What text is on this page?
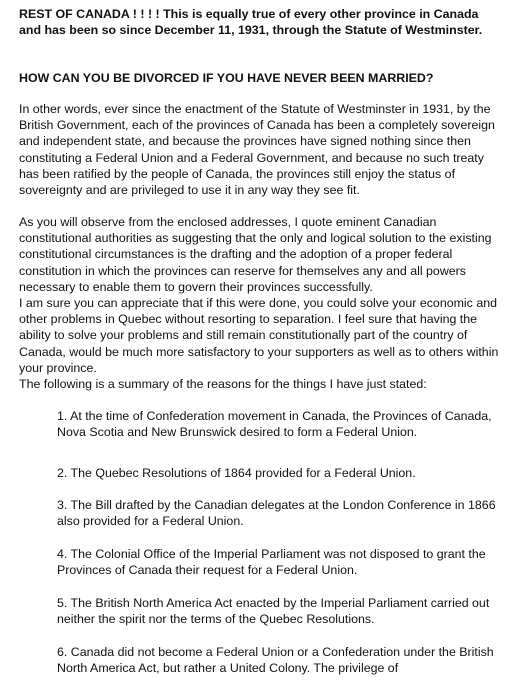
REST OF CANADA ! ! ! ! This is equally true of every other province in Canada and has been so since December 11, 1931, through the Statute of Westminster.

HOW CAN YOU BE DIVORCED IF YOU HAVE NEVER BEEN MARRIED?

In other words, ever since the enactment of the Statute of Westminster in 1931, by the British Government, each of the provinces of Canada has been a completely sovereign and independent state, and because the provinces have signed nothing since then constituting a Federal Union and a Federal Government, and because no such treaty has been ratified by the people of Canada, the provinces still enjoy the status of sovereignty and are privileged to use it in any way they see fit.

As you will observe from the enclosed addresses, I quote eminent Canadian constitutional authorities as suggesting that the only and logical solution to the existing constitutional circumstances is the drafting and the adoption of a proper federal constitution in which the provinces can reserve for themselves any and all powers necessary to enable them to govern their provinces successfully.

I am sure you can appreciate that if this were done, you could solve your economic and other problems in Quebec without resorting to separation. I feel sure that having the ability to solve your problems and still remain constitutionally part of the country of Canada, would be much more satisfactory to your supporters as well as to others within your province.

The following is a summary of the reasons for the things I have just stated:

1. At the time of Confederation movement in Canada, the Provinces of Canada, Nova Scotia and New Brunswick desired to form a Federal Union.

2. The Quebec Resolutions of 1864 provided for a Federal Union.

3. The Bill drafted by the Canadian delegates at the London Conference in 1866 also provided for a Federal Union.

4. The Colonial Office of the Imperial Parliament was not disposed to grant the Provinces of Canada their request for a Federal Union.

5. The British North America Act enacted by the Imperial Parliament carried out neither the spirit nor the terms of the Quebec Resolutions.

6. Canada did not become a Federal Union or a Confederation under the British North America Act, but rather a United Colony. The privilege of
